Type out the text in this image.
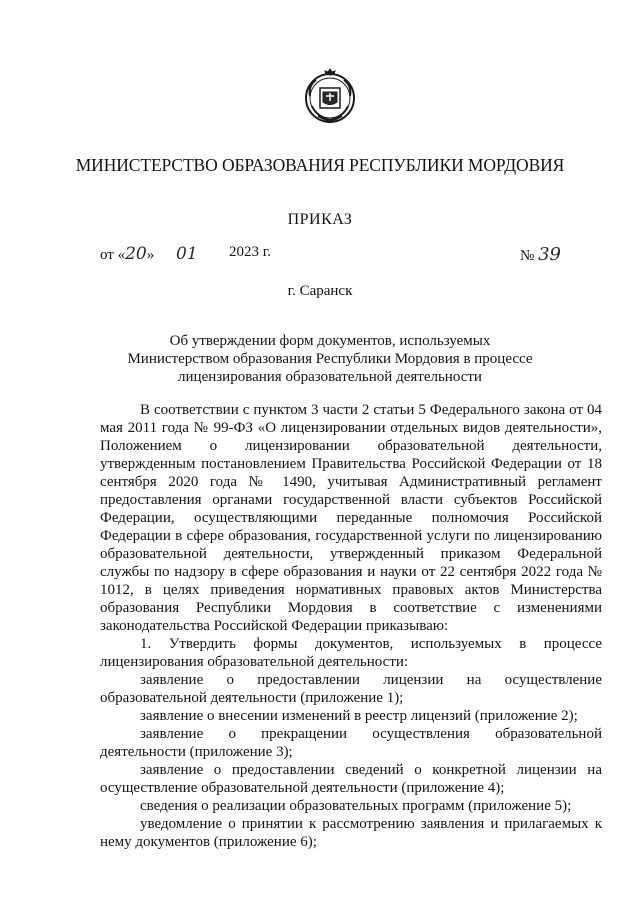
МИНИСТЕРСТВО ОБРАЗОВАНИЯ РЕСПУБЛИКИ МОРДОВИЯ
ПРИКАЗ
от «20» 01 2023 г.	№ 39
г. Саранск
Об утверждении форм документов, используемых Министерством образования Республики Мордовия в процессе лицензирования образовательной деятельности

В соответствии с пунктом 3 части 2 статьи 5 Федерального закона от 04 мая 2011 года № 99-ФЗ «О лицензировании отдельных видов деятельности», Положением о лицензировании образовательной деятельности, утвержденным постановлением Правительства Российской Федерации от 18 сентября 2020 года № 1490, учитывая Административный регламент предоставления органами государственной власти субъектов Российской Федерации, осуществляющими переданные полномочия Российской Федерации в сфере образования, государственной услуги по лицензированию образовательной деятельности, утвержденный приказом Федеральной службы по надзору в сфере образования и науки от 22 сентября 2022 года № 1012, в целях приведения нормативных правовых актов Министерства образования Республики Мордовия в соответствие с изменениями законодательства Российской Федерации приказываю:

1. Утвердить формы документов, используемых в процессе лицензирования образовательной деятельности:

заявление о предоставлении лицензии на осуществление образовательной деятельности (приложение 1);

заявление о внесении изменений в реестр лицензий (приложение 2);

заявление о прекращении осуществления образовательной деятельности (приложение 3);

заявление о предоставлении сведений о конкретной лицензии на осуществление образовательной деятельности (приложение 4);

сведения о реализации образовательных программ (приложение 5);

уведомление о принятии к рассмотрению заявления и прилагаемых к нему документов (приложение 6);
